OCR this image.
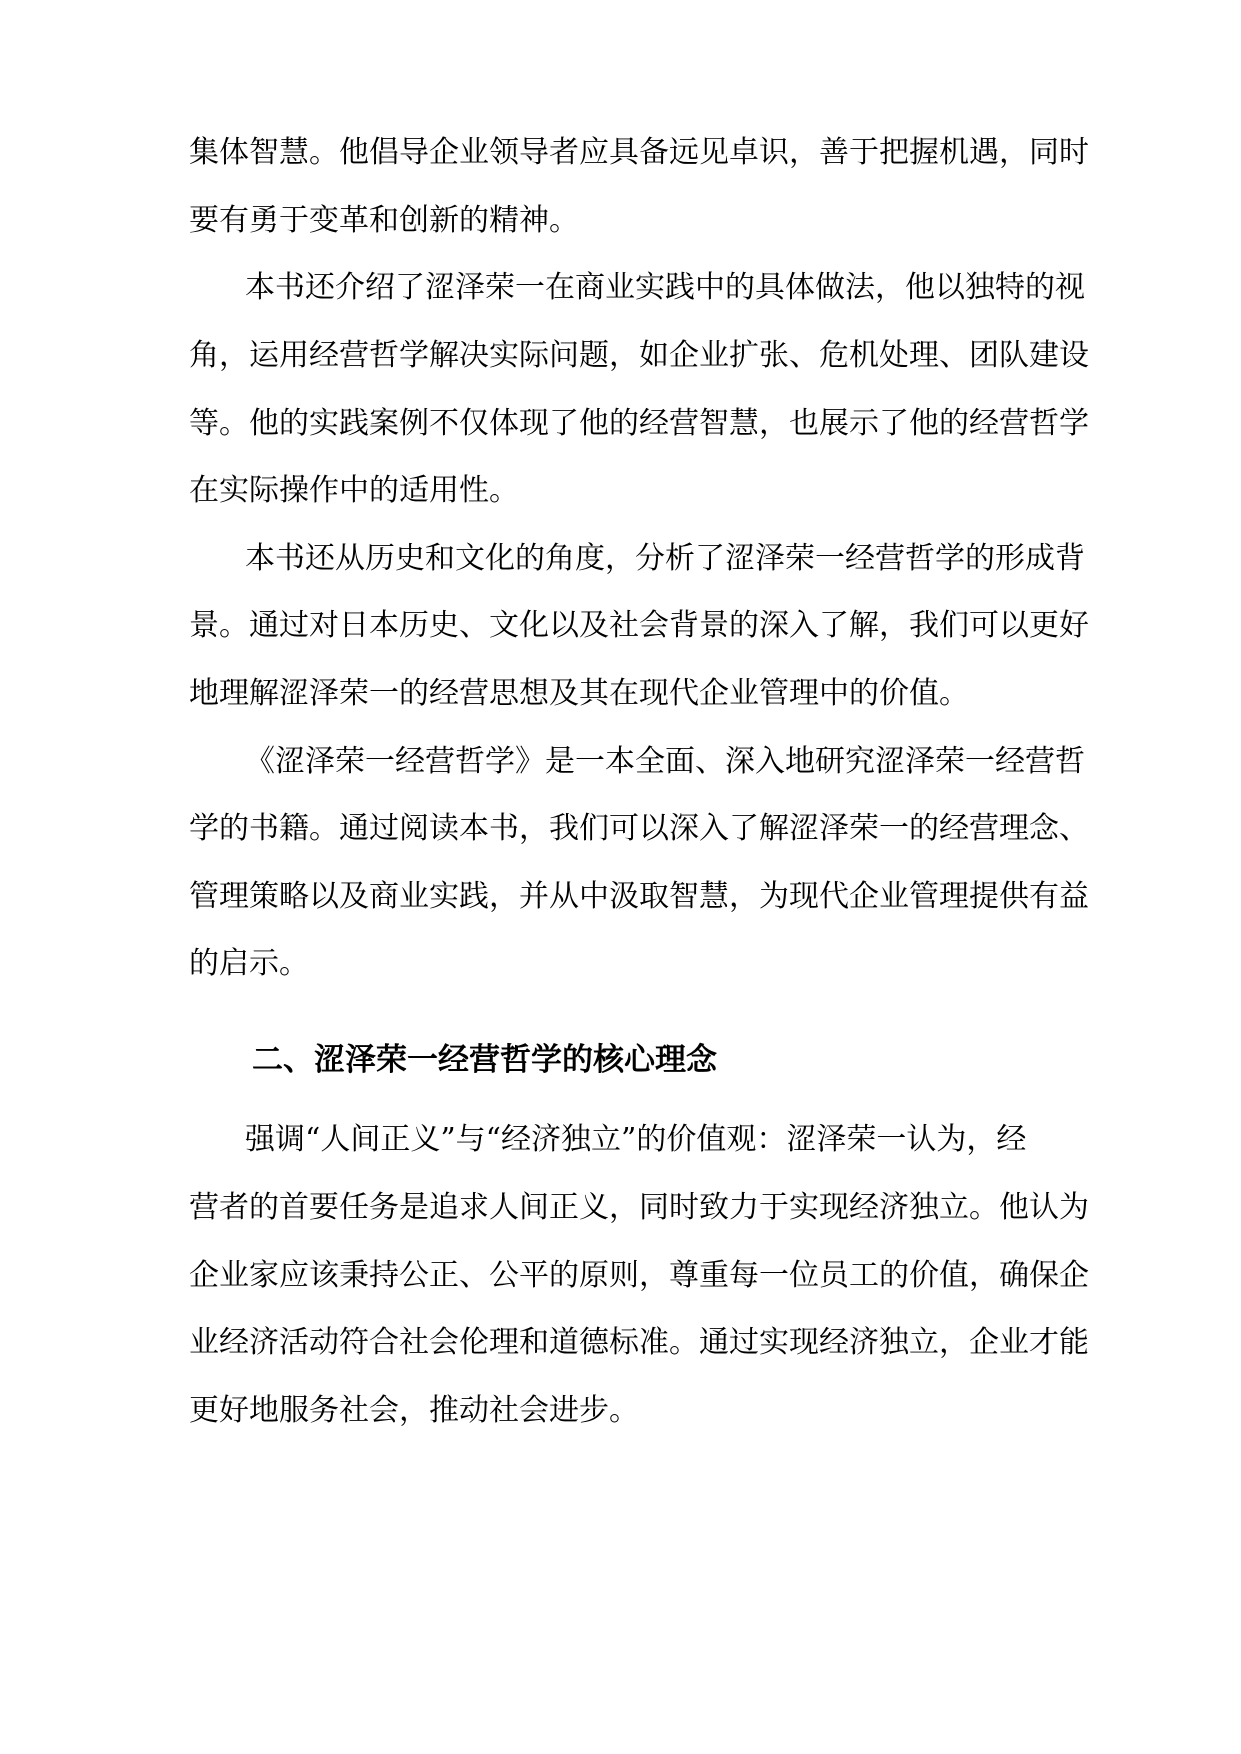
集体智慧。他倡导企业领导者应具备远见卓识，善于把握机遇，同时
要有勇于变革和创新的精神。
本书还介绍了涩泽荣一在商业实践中的具体做法，他以独特的视
角，运用经营哲学解决实际问题，如企业扩张、危机处理、团队建设
等。他的实践案例不仅体现了他的经营智慧，也展示了他的经营哲学
在实际操作中的适用性。
本书还从历史和文化的角度，分析了涩泽荣一经营哲学的形成背
景。通过对日本历史、文化以及社会背景的深入了解，我们可以更好
地理解涩泽荣一的经营思想及其在现代企业管理中的价值。
《涩泽荣一经营哲学》是一本全面、深入地研究涩泽荣一经营哲
学的书籍。通过阅读本书，我们可以深入了解涩泽荣一的经营理念、
管理策略以及商业实践，并从中汲取智慧，为现代企业管理提供有益
的启示。
二、涩泽荣一经营哲学的核心理念
强调“人间正义”与“经济独立”的价值观：涩泽荣一认为，经
营者的首要任务是追求人间正义，同时致力于实现经济独立。他认为
企业家应该秉持公正、公平的原则，尊重每一位员工的价值，确保企
业经济活动符合社会伦理和道德标准。通过实现经济独立，企业才能
更好地服务社会，推动社会进步。
